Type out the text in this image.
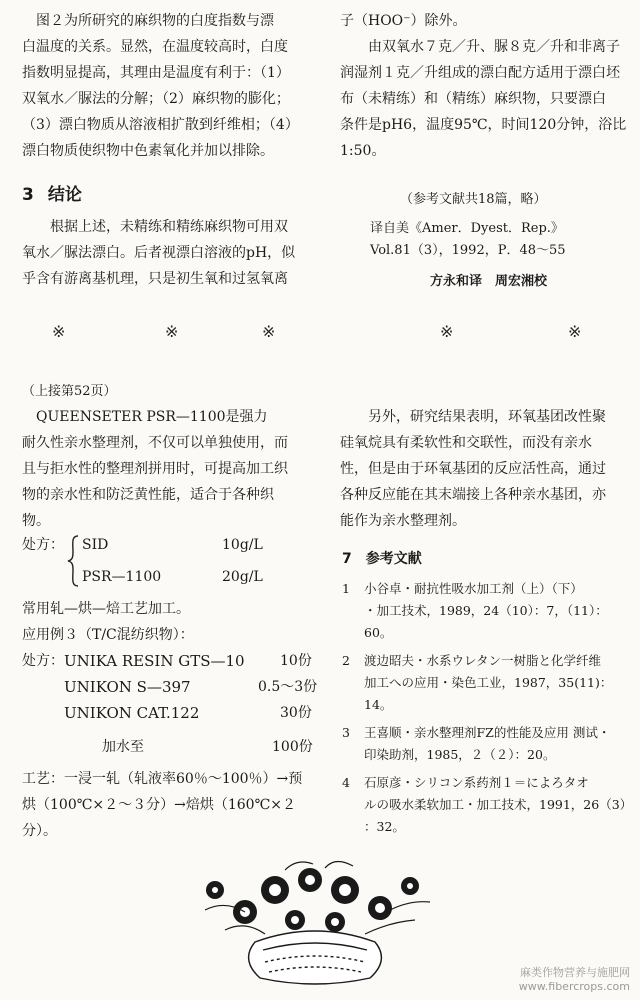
图２为所研究的麻织物的白度指数与漂
白温度的关系。显然，在温度较高时，白度
指数明显提高，其理由是温度有利于：（1）
双氧水／脲法的分解；（2）麻织物的膨化；
（3）漂白物质从溶液相扩散到纤维相；（4）
漂白物质使织物中色素氧化并加以排除。
3 结论
根据上述，未精练和精练麻织物可用双
氧水／脲法漂白。后者视漂白溶液的pH，似
乎含有游离基机理，只是初生氧和过氢氧离
子（HOO⁻）除外。
由双氧水７克／升、脲８克／升和非离子
润湿剂１克／升组成的漂白配方适用于漂白坯
布（未精练）和（精练）麻织物，只要漂白
条件是pH6，温度95℃，时间120分钟，浴比
1:50。
（参考文献共18篇，略）
译自美《Amer．Dyest．Rep.》
Vol.81（3），1992，P．48～55
方永和译　周宏湘校
※	※	※	※	※
（上接第52页）
QUEENSETER PSR—1100是强力
耐久性亲水整理剂，不仅可以单独使用，而
且与拒水性的整理剂拼用时，可提高加工织
物的亲水性和防泛黄性能，适合于各种织
物。
处方： SID	10g/L
PSR—1100	20g/L
常用轧—烘—焙工艺加工。
应用例３（T/C混纺织物）：
处方： UNIKA RESIN GTS—10	10份
UNIKON S—397	0.5～3份
UNIKON CAT.122	30份
加水至	100份
工艺：一浸一轧（轧液率60％～100％）→预
烘（100℃×２～３分）→焙烘（160℃×２
分）。
另外，研究结果表明，环氧基团改性聚
硅氧烷具有柔软性和交联性，而没有亲水
性，但是由于环氧基团的反应活性高，通过
各种反应能在其末端接上各种亲水基团，亦
能作为亲水整理剂。
7 参考文献
1	小谷卓・耐抗性吸水加工剂（上）（下）
・加工技术，1989，24（10）：7，（11）：
60。
2	渡边昭夫・水系ウレタン一树脂と化学纤维
加工への应用・染色工业，1987，35(11)：14。
3	王喜顺・亲水整理剂FZ的性能及应用 测试・
印染助剂，1985，２（２）：20。
4	石原彦・シリコン系药剂１＝によろタオ
ルの吸水柔软加工・加工技术，1991，26（3）
：32。
麻类作物营养与施肥网
www.fibercrops.com
